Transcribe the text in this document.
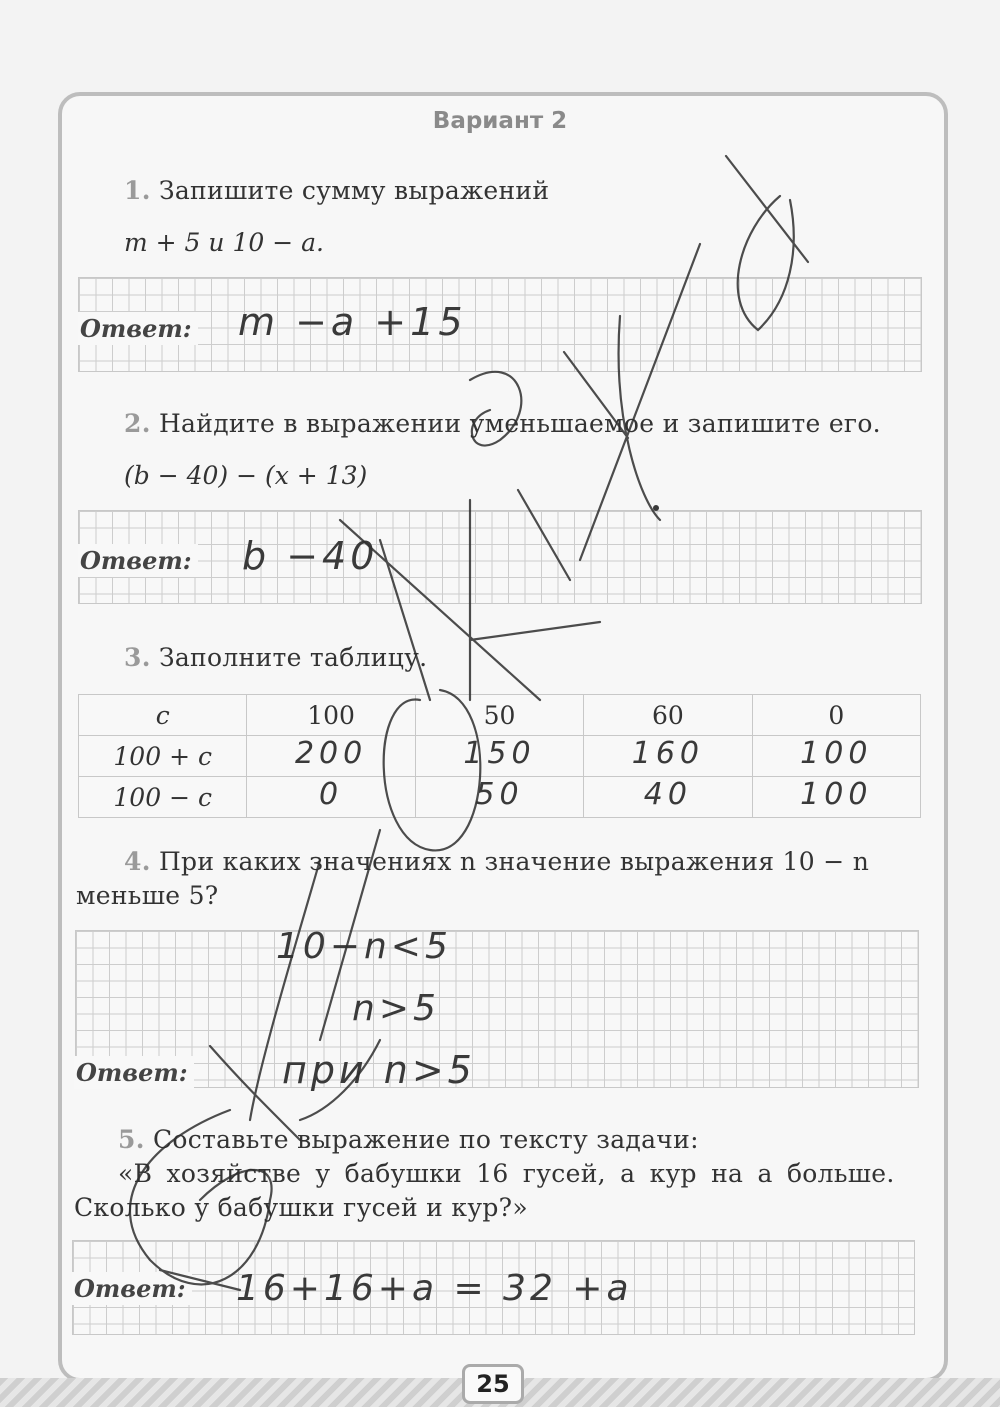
Вариант 2
1. Запишите сумму выражений
m + 5 и 10 − a.
Ответ: m −a +15
2. Найдите в выражении уменьшаемое и запишите его.
(b − 40) − (x + 13)
Ответ: b −40
3. Заполните таблицу.
c	100	50	60	0
100 + c	200	150	160	100

100 − c	0	50	40	100
4. При каких значениях n значение выражения 10 − n
меньше 5?
10−n<5
n>5
Ответ: при n>5
5. Составьте выражение по тексту задачи:
«В хозяйстве у бабушки 16 гусей, а кур на a больше.
Сколько у бабушки гусей и кур?»
Ответ: 16+16+a = 32 +a
25
